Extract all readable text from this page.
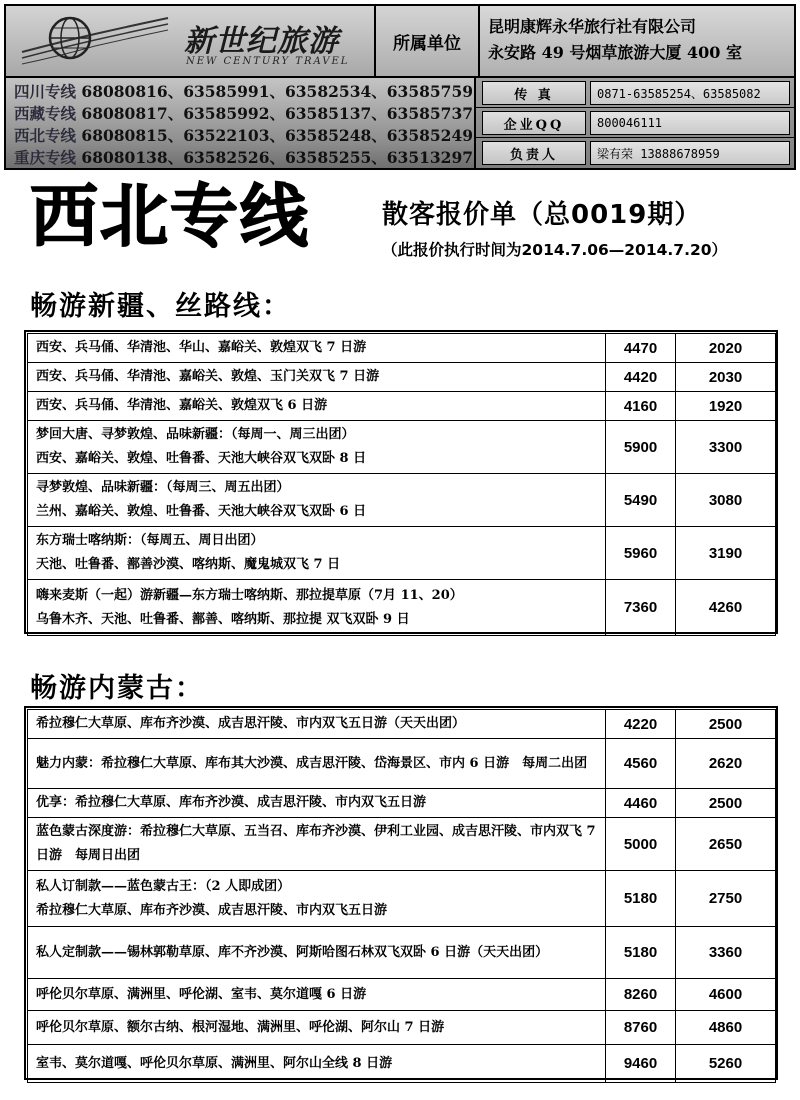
新世纪旅游
NEW CENTURY TRAVEL
所属单位
昆明康辉永华旅行社有限公司
永安路 49 号烟草旅游大厦 400 室
四川专线 68080816、63585991、63582534、63585759
西藏专线 68080817、63585992、63585137、63585737
西北专线 68080815、63522103、63585248、63585249
重庆专线 68080138、63582526、63585255、63513297
传 真	0871-63585254、63585082
企业QQ	800046111
负责人	梁有荣 13888678959
西北专线	散客报价单（总0019期）
（此报价执行时间为2014.7.06—2014.7.20）
畅游新疆、丝路线：
西安、兵马俑、华清池、华山、嘉峪关、敦煌双飞 7 日游	4470	2020

西安、兵马俑、华清池、嘉峪关、敦煌、玉门关双飞 7 日游	4420	2030

西安、兵马俑、华清池、嘉峪关、敦煌双飞 6 日游	4160	1920

梦回大唐、寻梦敦煌、品味新疆：（每周一、周三出团）
西安、嘉峪关、敦煌、吐鲁番、天池大峡谷双飞双卧 8 日	5900	3300

寻梦敦煌、品味新疆：（每周三、周五出团）
兰州、嘉峪关、敦煌、吐鲁番、天池大峡谷双飞双卧 6 日	5490	3080

东方瑞士喀纳斯：（每周五、周日出团）
天池、吐鲁番、鄯善沙漠、喀纳斯、魔鬼城双飞 7 日	5960	3190

嗨来麦斯（一起）游新疆—东方瑞士喀纳斯、那拉提草原（7月 11、20）
乌鲁木齐、天池、吐鲁番、鄯善、喀纳斯、那拉提 双飞双卧 9 日	7360	4260
畅游内蒙古：
希拉穆仁大草原、库布齐沙漠、成吉思汗陵、市内双飞五日游（天天出团）	4220	2500

魅力内蒙：希拉穆仁大草原、库布其大沙漠、成吉思汗陵、岱海景区、市内 6 日游　每周二出团	4560	2620

优享：希拉穆仁大草原、库布齐沙漠、成吉思汗陵、市内双飞五日游	4460	2500

蓝色蒙古深度游：希拉穆仁大草原、五当召、库布齐沙漠、伊利工业园、成吉思汗陵、市内双飞 7 日游　每周日出团	5000	2650

私人订制款——蓝色蒙古王：（2 人即成团）
希拉穆仁大草原、库布齐沙漠、成吉思汗陵、市内双飞五日游	5180	2750

私人定制款——锡林郭勒草原、库不齐沙漠、阿斯哈图石林双飞双卧 6 日游（天天出团）	5180	3360

呼伦贝尔草原、满洲里、呼伦湖、室韦、莫尔道嘎 6 日游	8260	4600

呼伦贝尔草原、额尔古纳、根河湿地、满洲里、呼伦湖、阿尔山 7 日游	8760	4860

室韦、莫尔道嘎、呼伦贝尔草原、满洲里、阿尔山全线 8 日游	9460	5260
